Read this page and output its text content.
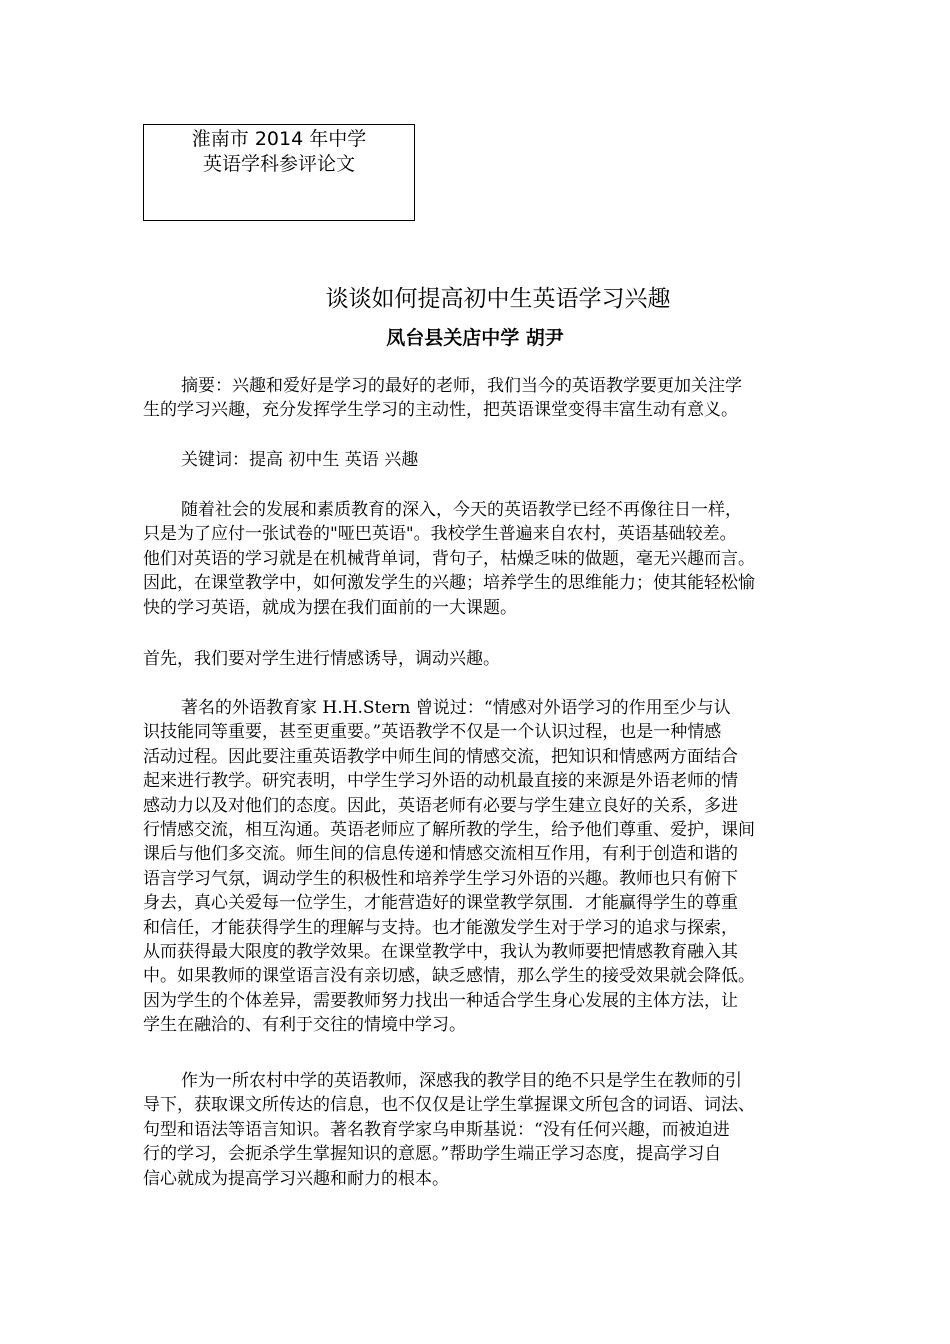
淮南市 2014 年中学
英语学科参评论文
谈谈如何提高初中生英语学习兴趣
凤台县关店中学 胡尹
摘要：兴趣和爱好是学习的最好的老师，我们当今的英语教学要更加关注学
生的学习兴趣，充分发挥学生学习的主动性，把英语课堂变得丰富生动有意义。
关键词：提高 初中生 英语 兴趣
随着社会的发展和素质教育的深入，今天的英语教学已经不再像往日一样，
只是为了应付一张试卷的"哑巴英语"。我校学生普遍来自农村，英语基础较差。
他们对英语的学习就是在机械背单词，背句子，枯燥乏味的做题，毫无兴趣而言。
因此，在课堂教学中，如何激发学生的兴趣；培养学生的思维能力；使其能轻松愉
快的学习英语，就成为摆在我们面前的一大课题。
首先，我们要对学生进行情感诱导，调动兴趣。
著名的外语教育家 H.H.Stern 曾说过：“情感对外语学习的作用至少与认
识技能同等重要，甚至更重要。”英语教学不仅是一个认识过程，也是一种情感
活动过程。因此要注重英语教学中师生间的情感交流，把知识和情感两方面结合
起来进行教学。研究表明，中学生学习外语的动机最直接的来源是外语老师的情
感动力以及对他们的态度。因此，英语老师有必要与学生建立良好的关系，多进
行情感交流，相互沟通。英语老师应了解所教的学生，给予他们尊重、爱护，课间
课后与他们多交流。师生间的信息传递和情感交流相互作用，有利于创造和谐的
语言学习气氛，调动学生的积极性和培养学生学习外语的兴趣。教师也只有俯下
身去，真心关爱每一位学生，才能营造好的课堂教学氛围．才能赢得学生的尊重
和信任，才能获得学生的理解与支持。也才能激发学生对于学习的追求与探索，
从而获得最大限度的教学效果。在课堂教学中，我认为教师要把情感教育融入其
中。如果教师的课堂语言没有亲切感，缺乏感情，那么学生的接受效果就会降低。
因为学生的个体差异，需要教师努力找出一种适合学生身心发展的主体方法，让
学生在融洽的、有利于交往的情境中学习。
作为一所农村中学的英语教师，深感我的教学目的绝不只是学生在教师的引
导下，获取课文所传达的信息，也不仅仅是让学生掌握课文所包含的词语、词法、
句型和语法等语言知识。著名教育学家乌申斯基说：“没有任何兴趣，而被迫进
行的学习，会扼杀学生掌握知识的意愿。”帮助学生端正学习态度，提高学习自
信心就成为提高学习兴趣和耐力的根本。
